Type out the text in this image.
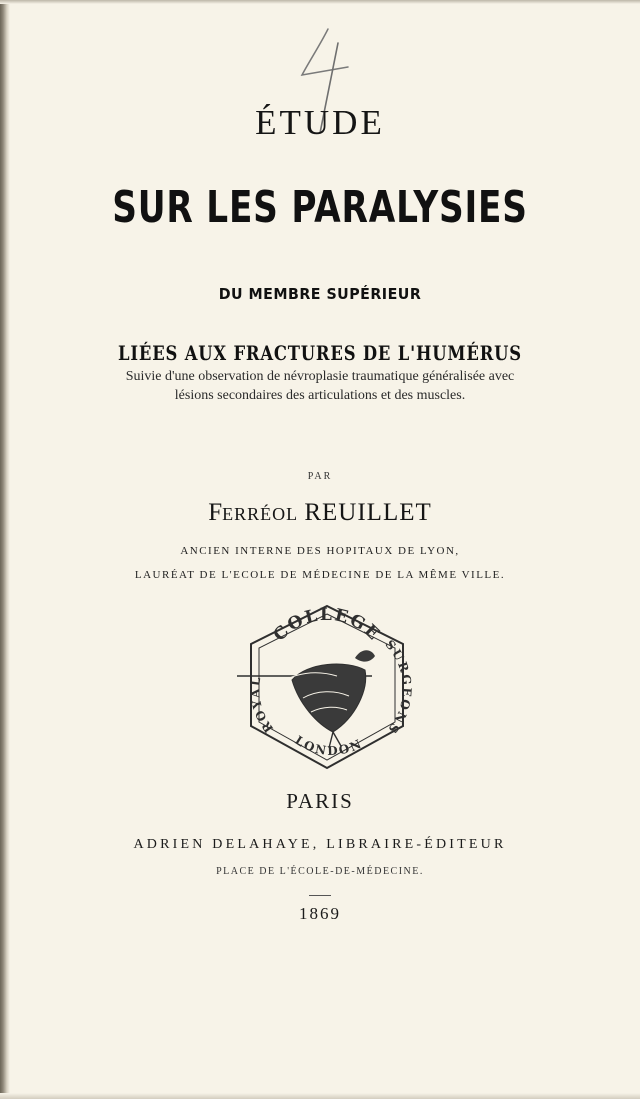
ÉTUDE
SUR LES PARALYSIES
DU MEMBRE SUPÉRIEUR
LIÉES AUX FRACTURES DE L'HUMÉRUS
Suivie d'une observation de névroplasie traumatique généralisée avec
lésions secondaires des articulations et des muscles.
PAR
FERRÉOL REUILLET
ANCIEN INTERNE DES HOPITAUX DE LYON,
LAURÉAT DE L'ECOLE DE MÉDECINE DE LA MÊME VILLE.
COLLEGE
ROYAL
SURGEONS
LONDON
PARIS
ADRIEN DELAHAYE, LIBRAIRE-ÉDITEUR
PLACE DE L'ÉCOLE-DE-MÉDECINE.
1869
